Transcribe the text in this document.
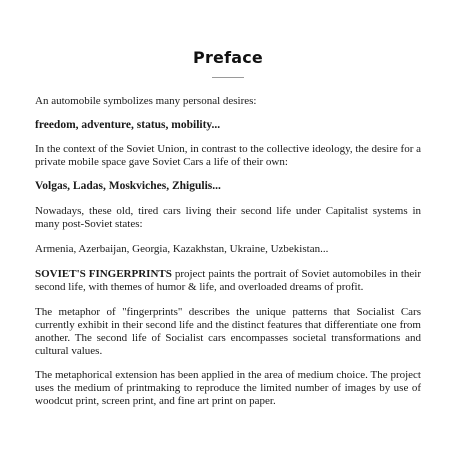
Preface

An automobile symbolizes many personal desires:

freedom, adventure, status, mobility...

In the context of the Soviet Union, in contrast to the collective ideology, the desire for a private mobile space gave Soviet Cars a life of their own:

Volgas, Ladas, Moskviches, Zhigulis...

Nowadays, these old, tired cars living their second life under Capitalist systems in many post-Soviet states:

Armenia, Azerbaijan, Georgia, Kazakhstan, Ukraine, Uzbekistan...

SOVIET'S FINGERPRINTS project paints the portrait of Soviet automobiles in their second life, with themes of humor & life, and overloaded dreams of profit.

The metaphor of "fingerprints" describes the unique patterns that Socialist Cars currently exhibit in their second life and the distinct features that differentiate one from another. The second life of Socialist cars encompasses societal transformations and cultural values.

The metaphorical extension has been applied in the area of medium choice. The project uses the medium of printmaking to reproduce the limited number of images by use of woodcut print, screen print, and fine art print on paper.
